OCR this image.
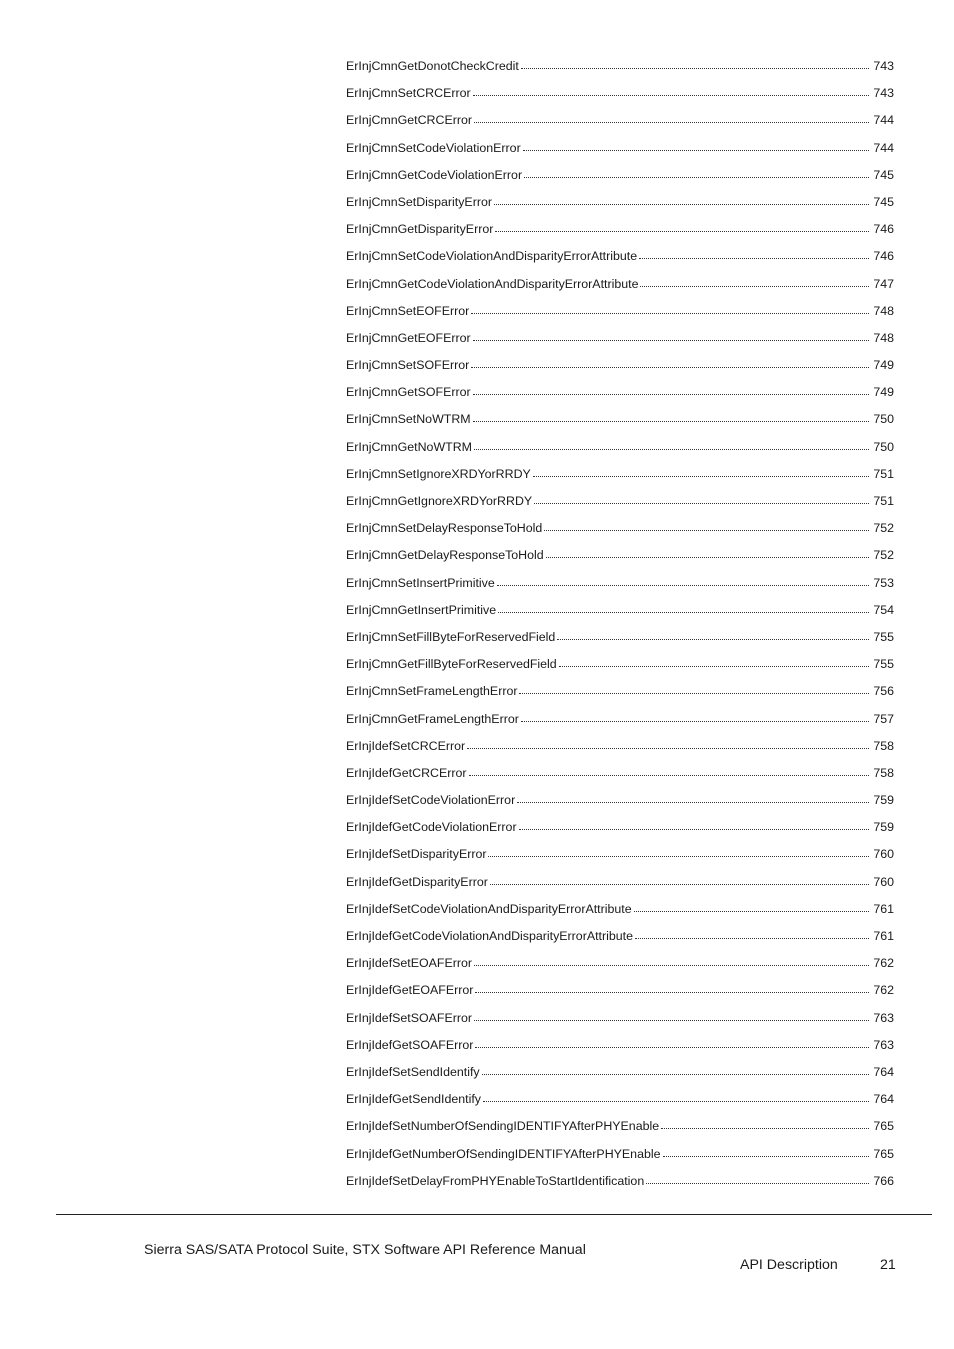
ErInjCmnGetDonotCheckCredit	743
ErInjCmnSetCRCError	743
ErInjCmnGetCRCError	744
ErInjCmnSetCodeViolationError	744
ErInjCmnGetCodeViolationError	745
ErInjCmnSetDisparityError	745
ErInjCmnGetDisparityError	746
ErInjCmnSetCodeViolationAndDisparityErrorAttribute	746
ErInjCmnGetCodeViolationAndDisparityErrorAttribute	747
ErInjCmnSetEOFError	748
ErInjCmnGetEOFError	748
ErInjCmnSetSOFError	749
ErInjCmnGetSOFError	749
ErInjCmnSetNoWTRM	750
ErInjCmnGetNoWTRM	750
ErInjCmnSetIgnoreXRDYorRRDY	751
ErInjCmnGetIgnoreXRDYorRRDY	751
ErInjCmnSetDelayResponseToHold	752
ErInjCmnGetDelayResponseToHold	752
ErInjCmnSetInsertPrimitive	753
ErInjCmnGetInsertPrimitive	754
ErInjCmnSetFillByteForReservedField	755
ErInjCmnGetFillByteForReservedField	755
ErInjCmnSetFrameLengthError	756
ErInjCmnGetFrameLengthError	757
ErInjIdefSetCRCError	758
ErInjIdefGetCRCError	758
ErInjIdefSetCodeViolationError	759
ErInjIdefGetCodeViolationError	759
ErInjIdefSetDisparityError	760
ErInjIdefGetDisparityError	760
ErInjIdefSetCodeViolationAndDisparityErrorAttribute	761
ErInjIdefGetCodeViolationAndDisparityErrorAttribute	761
ErInjIdefSetEOAFError	762
ErInjIdefGetEOAFError	762
ErInjIdefSetSOAFError	763
ErInjIdefGetSOAFError	763
ErInjIdefSetSendIdentify	764
ErInjIdefGetSendIdentify	764
ErInjIdefSetNumberOfSendingIDENTIFYAfterPHYEnable	765
ErInjIdefGetNumberOfSendingIDENTIFYAfterPHYEnable	765
ErInjIdefSetDelayFromPHYEnableToStartIdentification	766
Sierra SAS/SATA Protocol Suite, STX Software API Reference Manual
API Description	21
